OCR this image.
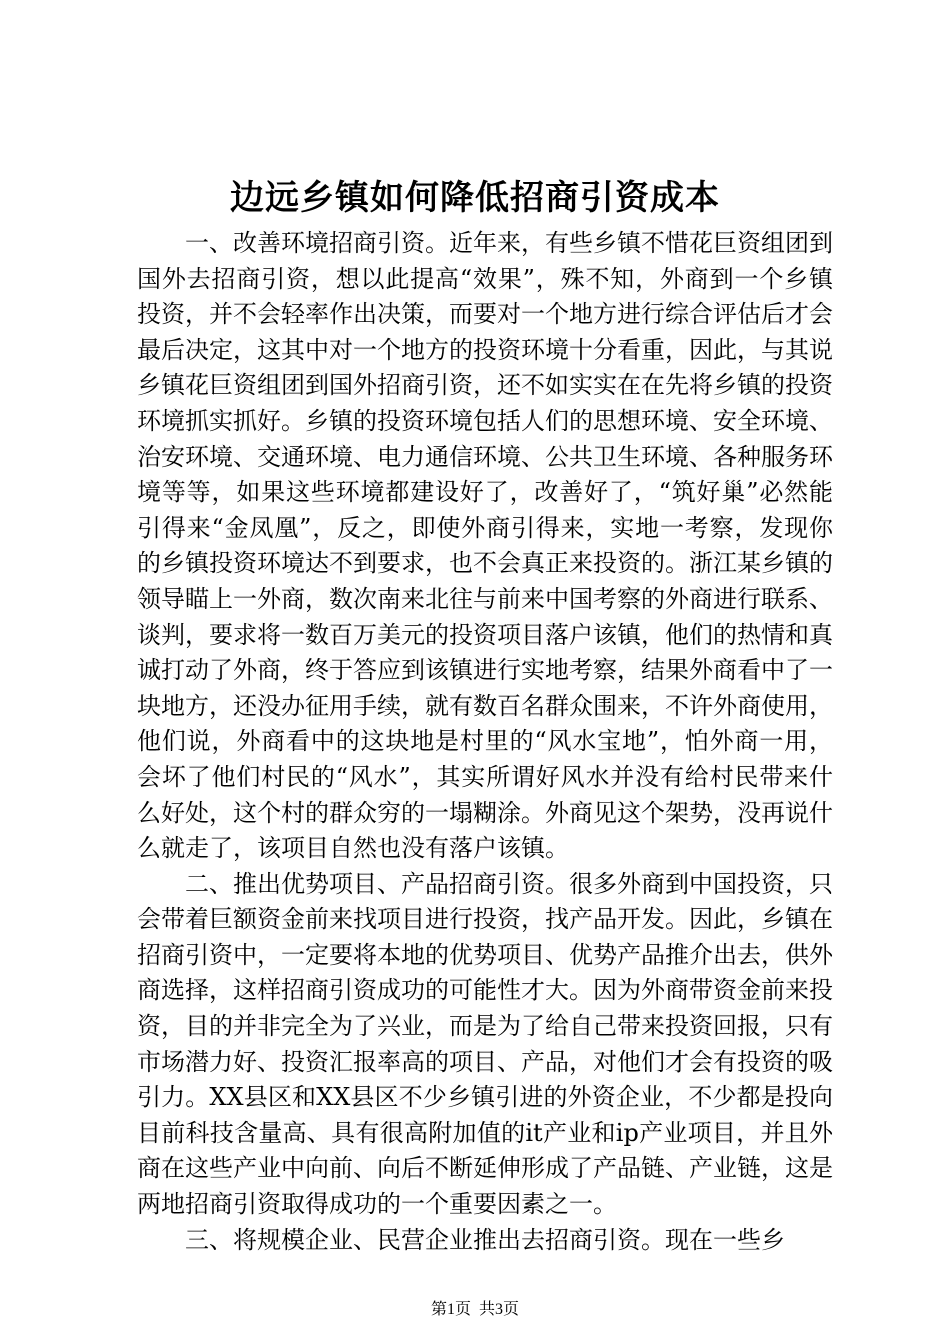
边远乡镇如何降低招商引资成本

一、改善环境招商引资。近年来，有些乡镇不惜花巨资组团到国外去招商引资，想以此提高“效果”，殊不知，外商到一个乡镇投资，并不会轻率作出决策，而要对一个地方进行综合评估后才会最后决定，这其中对一个地方的投资环境十分看重，因此，与其说乡镇花巨资组团到国外招商引资，还不如实实在在先将乡镇的投资环境抓实抓好。乡镇的投资环境包括人们的思想环境、安全环境、治安环境、交通环境、电力通信环境、公共卫生环境、各种服务环境等等，如果这些环境都建设好了，改善好了，“筑好巢”必然能引得来“金凤凰”，反之，即使外商引得来，实地一考察，发现你的乡镇投资环境达不到要求，也不会真正来投资的。浙江某乡镇的领导瞄上一外商，数次南来北往与前来中国考察的外商进行联系、谈判，要求将一数百万美元的投资项目落户该镇，他们的热情和真诚打动了外商，终于答应到该镇进行实地考察，结果外商看中了一块地方，还没办征用手续，就有数百名群众围来，不许外商使用，他们说，外商看中的这块地是村里的“风水宝地”，怕外商一用，会坏了他们村民的“风水”，其实所谓好风水并没有给村民带来什么好处，这个村的群众穷的一塌糊涂。外商见这个架势，没再说什么就走了，该项目自然也没有落户该镇。

二、推出优势项目、产品招商引资。很多外商到中国投资，只会带着巨额资金前来找项目进行投资，找产品开发。因此，乡镇在招商引资中，一定要将本地的优势项目、优势产品推介出去，供外商选择，这样招商引资成功的可能性才大。因为外商带资金前来投资，目的并非完全为了兴业，而是为了给自己带来投资回报，只有市场潜力好、投资汇报率高的项目、产品，对他们才会有投资的吸引力。XX县区和XX县区不少乡镇引进的外资企业，不少都是投向目前科技含量高、具有很高附加值的it产业和ip产业项目，并且外商在这些产业中向前、向后不断延伸形成了产品链、产业链，这是两地招商引资取得成功的一个重要因素之一。

三、将规模企业、民营企业推出去招商引资。现在一些乡

第1页 共3页
